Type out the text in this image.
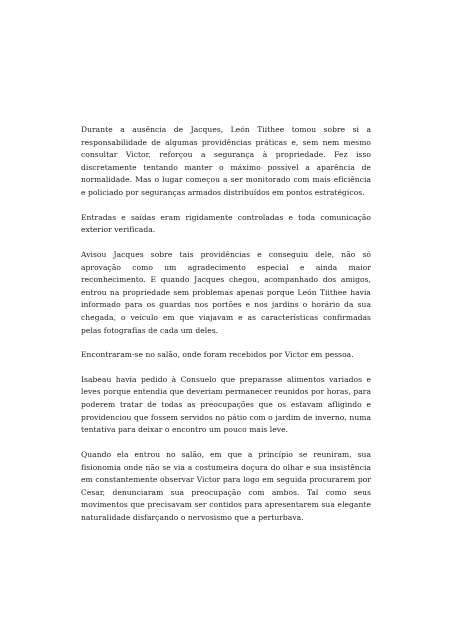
Durante a ausência de Jacques, León Tiithee tomou sobre si a responsabilidade de algumas providências práticas e, sem nem mesmo consultar Victor, reforçou a segurança à propriedade. Fez isso discretamente tentando manter o máximo possível a aparência de normalidade. Mas o lugar começou a ser monitorado com mais eficiência e policiado por seguranças armados distribuídos em pontos estratégicos.

Entradas e saídas eram rigidamente controladas e toda comunicação exterior verificada.

Avisou Jacques sobre tais providências e conseguiu dele, não só aprovação como um agradecimento especial e ainda maior reconhecimento. E quando Jacques chegou, acompanhado dos amigos, entrou na propriedade sem problemas apenas porque León Tiithee havia informado para os guardas nos portões e nos jardins o horário da sua chegada, o veículo em que viajavam e as características confirmadas pelas fotografias de cada um deles.

Encontraram-se no salão, onde foram recebidos por Victor em pessoa.

Isabeau havia pedido à Consuelo que preparasse alimentos variados e leves porque entendia que deveriam permanecer reunidos por horas, para poderem tratar de todas as preocupações que os estavam afligindo e providenciou que fossem servidos no pátio com o jardim de inverno, numa tentativa para deixar o encontro um pouco mais leve.

Quando ela entrou no salão, em que a princípio se reuniram, sua fisionomia onde não se via a costumeira doçura do olhar e sua insistência em constantemente observar Victor para logo em seguida procurarem por Cesar, denunciaram sua preocupação com ambos. Tal como seus movimentos que precisavam ser contidos para apresentarem sua elegante naturalidade disfarçando o nervosismo que a perturbava.
